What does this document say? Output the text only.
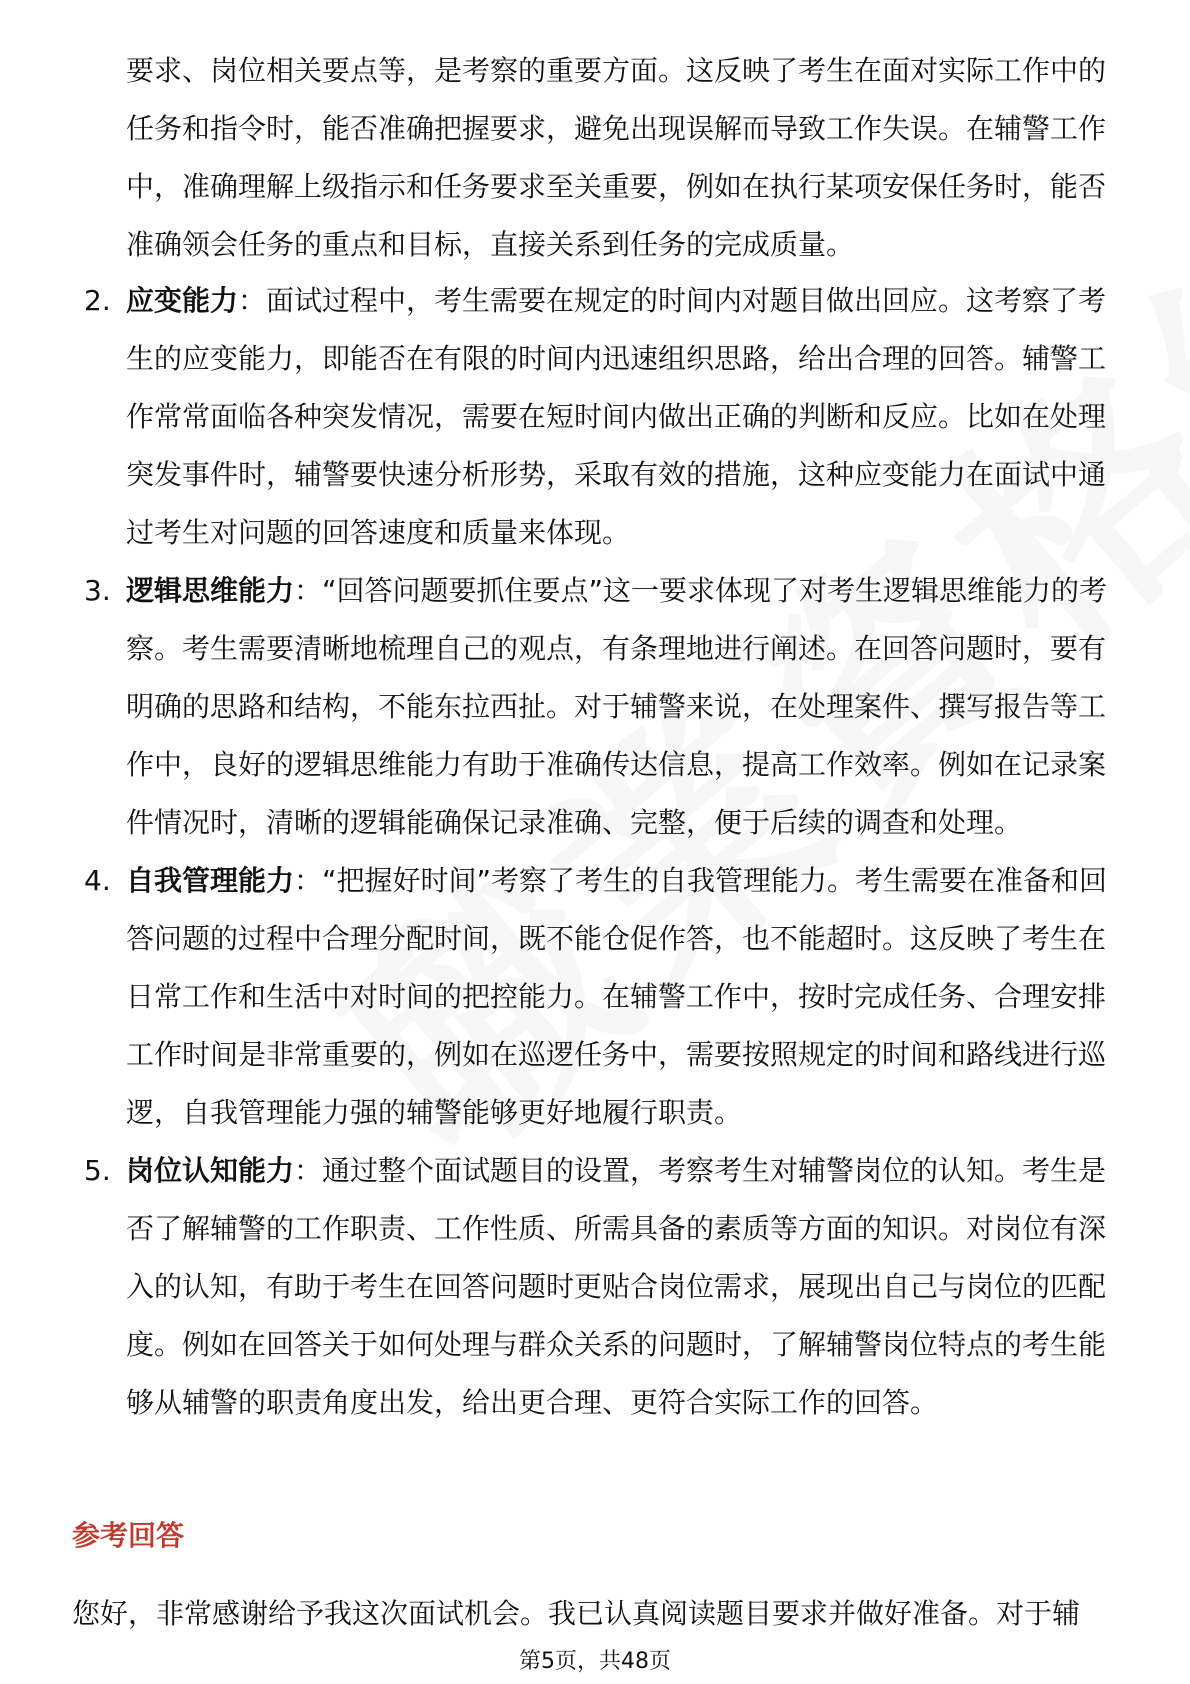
要求、岗位相关要点等，是考察的重要方面。这反映了考生在面对实际工作中的任务和指令时，能否准确把握要求，避免出现误解而导致工作失误。在辅警工作中，准确理解上级指示和任务要求至关重要，例如在执行某项安保任务时，能否准确领会任务的重点和目标，直接关系到任务的完成质量。

2. 应变能力：面试过程中，考生需要在规定的时间内对题目做出回应。这考察了考生的应变能力，即能否在有限的时间内迅速组织思路，给出合理的回答。辅警工作常常面临各种突发情况，需要在短时间内做出正确的判断和反应。比如在处理突发事件时，辅警要快速分析形势，采取有效的措施，这种应变能力在面试中通过考生对问题的回答速度和质量来体现。
3. 逻辑思维能力：“回答问题要抓住要点”这一要求体现了对考生逻辑思维能力的考察。考生需要清晰地梳理自己的观点，有条理地进行阐述。在回答问题时，要有明确的思路和结构，不能东拉西扯。对于辅警来说，在处理案件、撰写报告等工作中，良好的逻辑思维能力有助于准确传达信息，提高工作效率。例如在记录案件情况时，清晰的逻辑能确保记录准确、完整，便于后续的调查和处理。
4. 自我管理能力：“把握好时间”考察了考生的自我管理能力。考生需要在准备和回答问题的过程中合理分配时间，既不能仓促作答，也不能超时。这反映了考生在日常工作和生活中对时间的把控能力。在辅警工作中，按时完成任务、合理安排工作时间是非常重要的，例如在巡逻任务中，需要按照规定的时间和路线进行巡逻，自我管理能力强的辅警能够更好地履行职责。
5. 岗位认知能力：通过整个面试题目的设置，考察考生对辅警岗位的认知。考生是否了解辅警的工作职责、工作性质、所需具备的素质等方面的知识。对岗位有深入的认知，有助于考生在回答问题时更贴合岗位需求，展现出自己与岗位的匹配度。例如在回答关于如何处理与群众关系的问题时，了解辅警岗位特点的考生能够从辅警的职责角度出发，给出更合理、更符合实际工作的回答。
参考回答

您好，非常感谢给予我这次面试机会。我已认真阅读题目要求并做好准备。对于辅

第5页，共48页
